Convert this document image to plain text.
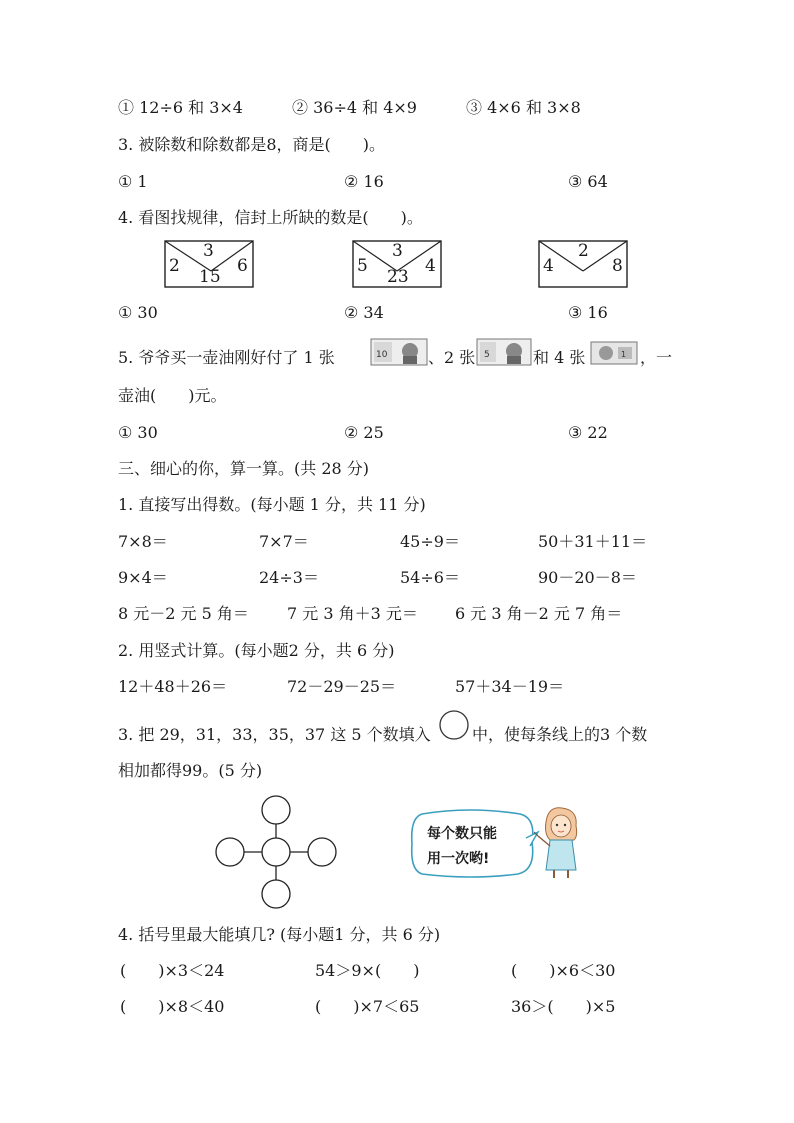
① 12÷6 和 3×4	② 36÷4 和 4×9	③ 4×6 和 3×8
3. 被除数和除数都是8，商是(　　)。
① 1	② 16	③ 64
4. 看图找规律，信封上所缺的数是(　　)。
3
2	6
15
3
5	4
23
2
4	8
① 30	② 34	③ 16
5. 爷爷买一壶油刚好付了 1 张	10	、2 张 5	和 4 张	1 ，一
壶油(　　)元。
① 30	② 25	③ 22
三、细心的你，算一算。(共 28 分)
1. 直接写出得数。(每小题 1 分，共 11 分)
7×8＝	7×7＝	45÷9＝	50＋31＋11＝
9×4＝	24÷3＝	54÷6＝	90－20－8＝
8 元－2 元 5 角＝ 7 元 3 角＋3 元＝ 6 元 3 角－2 元 7 角＝
2. 用竖式计算。(每小题2 分，共 6 分)
12＋48＋26＝	72－29－25＝	57＋34－19＝
3. 把 29，31，33，35，37 这 5 个数填入	中，使每条线上的3 个数
相加都得99。(5 分)
每个数只能
用一次哟!
4. 括号里最大能填几? (每小题1 分，共 6 分)
(　　)×3＜24	54＞9×(　　)	(　　)×6＜30
(　　)×8＜40	(　　)×7＜65	36＞(　　)×5
